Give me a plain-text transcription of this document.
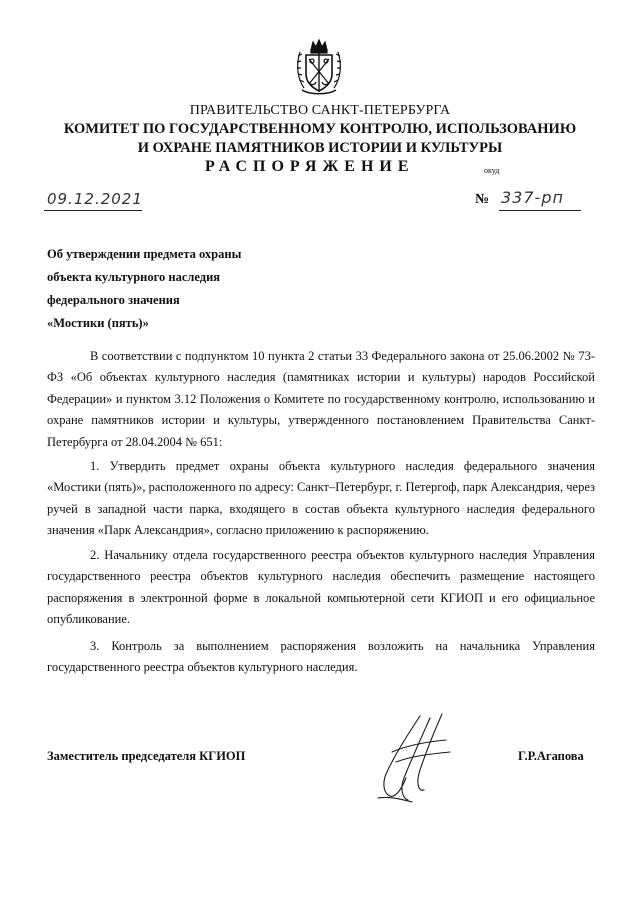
ПРАВИТЕЛЬСТВО САНКТ-ПЕТЕРБУРГА
КОМИТЕТ ПО ГОСУДАРСТВЕННОМУ КОНТРОЛЮ, ИСПОЛЬЗОВАНИЮ
И ОХРАНЕ ПАМЯТНИКОВ ИСТОРИИ И КУЛЬТУРЫ
РАСПОРЯЖЕНИЕ	окуд
09.12.2021	№ 337-рп
Об утверждении предмета охраны
объекта культурного наследия
федерального значения
«Мостики (пять)»
В соответствии с подпунктом 10 пункта 2 статьи 33 Федерального закона от 25.06.2002 № 73-ФЗ «Об объектах культурного наследия (памятниках истории и культуры) народов Российской Федерации» и пунктом 3.12 Положения о Комитете по государственному контролю, использованию и охране памятников истории и культуры, утвержденного постановлением Правительства Санкт-Петербурга от 28.04.2004 № 651:
1. Утвердить предмет охраны объекта культурного наследия федерального значения «Мостики (пять)», расположенного по адресу: Санкт–Петербург, г. Петергоф, парк Александрия, через ручей в западной части парка, входящего в состав объекта культурного наследия федерального значения «Парк Александрия», согласно приложению к распоряжению.
2. Начальнику отдела государственного реестра объектов культурного наследия Управления государственного реестра объектов культурного наследия обеспечить размещение настоящего распоряжения в электронной форме в локальной компьютерной сети КГИОП и его официальное опубликование.
3. Контроль за выполнением распоряжения возложить на начальника Управления государственного реестра объектов культурного наследия.
Заместитель председателя КГИОП	Г.Р.Агапова
